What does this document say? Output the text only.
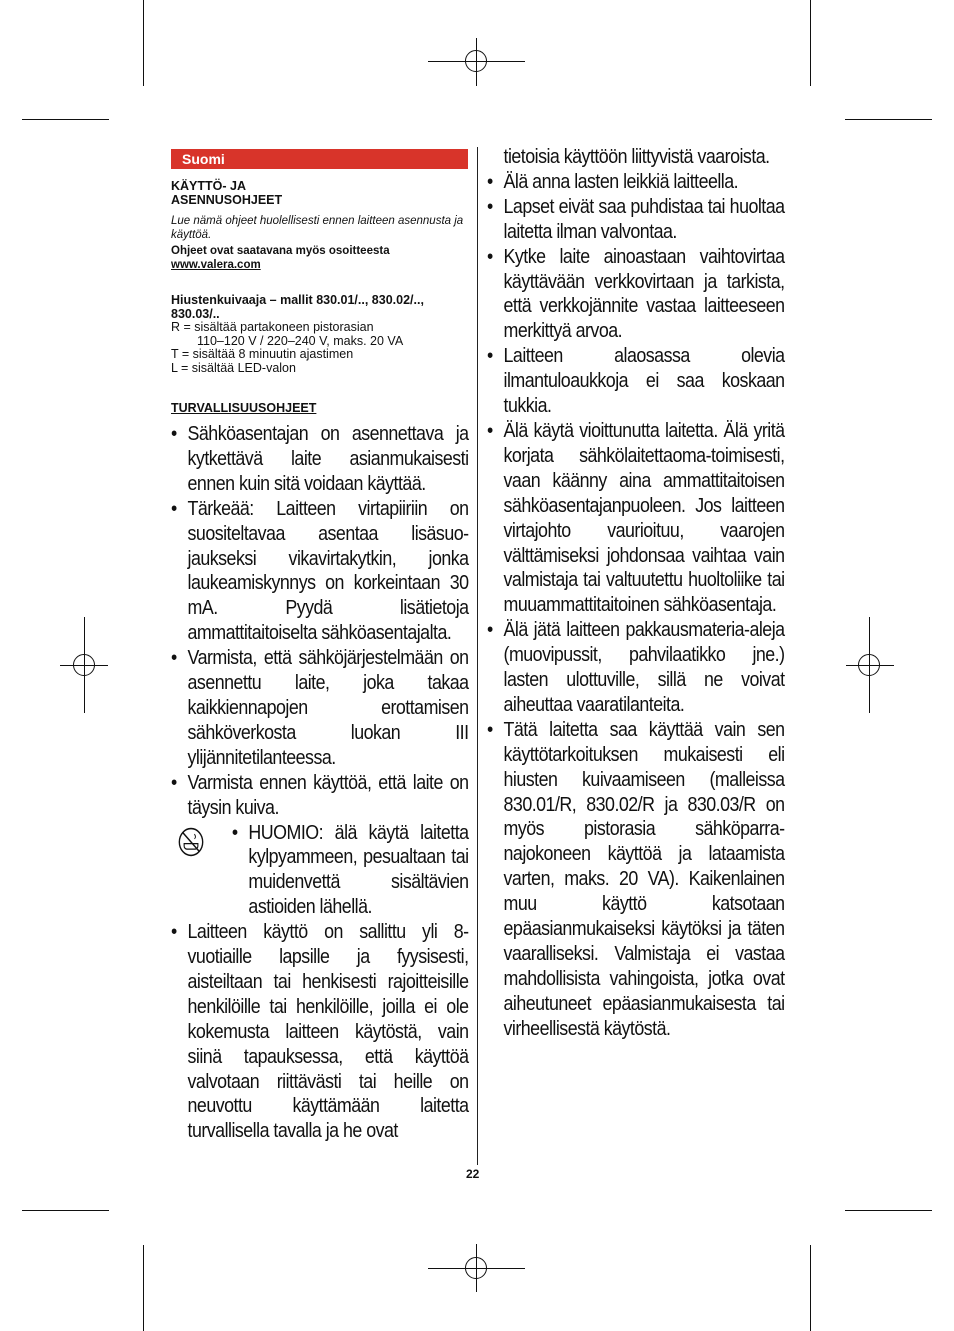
Suomi

KÄYTTÖ- JA

ASENNUSOHJEET

Lue nämä ohjeet huolellisesti ennen laitteen asennusta ja käyttöä.

Ohjeet ovat saatavana myös osoitteesta

www.valera.com

Hiustenkuivaaja – mallit 830.01/.., 830.02/.., 830.03/..

R = sisältää partakoneen pistorasian

110–120 V / 220–240 V, maks. 20 VA

T = sisältää 8 minuutin ajastimen

L = sisältää LED-valon

TURVALLISUUSOHJEET

• Sähköasentajan on asennettava ja kytkettävä laite asianmukaisesti ennen kuin sitä voidaan käyttää.
• Tärkeää: Laitteen virtapiiriin on suositeltavaa asentaa lisäsuo-jaukseksi vikavirtakytkin, jonka laukeamiskynnys on korkeintaan 30 mA. Pyydä lisätietoja ammattitaitoiselta sähköasentajalta.
• Varmista, että sähköjärjestelmään on asennettu laite, joka takaa kaikkiennapojen erottamisen sähköverkosta luokan III ylijännitetilanteessa.
• Varmista ennen käyttöä, että laite on täysin kuiva.
• HUOMIO: älä käytä laitetta kylpyammeen, pesualtaan tai muidenvettä sisältävien astioiden lähellä.
• Laitteen käyttö on sallittu yli 8-vuotiaille lapsille ja fyysisesti, aisteiltaan tai henkisesti rajoitteisille henkilöille tai henkilöille, joilla ei ole kokemusta laitteen käytöstä, vain siinä tapauksessa, että käyttöä valvotaan riittävästi tai heille on neuvottu käyttämään laitetta turvallisella tavalla ja he ovat
tietoisia käyttöön liittyvistä vaaroista.
• Älä anna lasten leikkiä laitteella.
• Lapset eivät saa puhdistaa tai huoltaa laitetta ilman valvontaa.
• Kytke laite ainoastaan vaihtovirtaa käyttävään verkkovirtaan ja tarkista, että verkkojännite vastaa laitteeseen merkittyä arvoa.
• Laitteen alaosassa olevia ilmantuloaukkoja ei saa koskaan tukkia.
• Älä käytä vioittunutta laitetta. Älä yritä korjata sähkölaitettaoma-toimisesti, vaan käänny aina ammattitaitoisen sähköasentajanpuoleen. Jos laitteen virtajohto vaurioituu, vaarojen välttämiseksi johdonsaa vaihtaa vain valmistaja tai valtuutettu huoltoliike tai muuammattitaitoinen sähköasentaja.
• Älä jätä laitteen pakkausmateria-aleja (muovipussit, pahvilaatikko jne.) lasten ulottuville, sillä ne voivat aiheuttaa vaaratilanteita.
• Tätä laitetta saa käyttää vain sen käyttötarkoituksen mukaisesti eli hiusten kuivaamiseen (malleissa 830.01/R, 830.02/R ja 830.03/R on myös pistorasia sähköparra-najokoneen käyttöä ja lataamista varten, maks. 20 VA). Kaikenlainen muu käyttö katsotaan epäasianmukaiseksi käytöksi ja täten vaaralliseksi. Valmistaja ei vastaa mahdollisista vahingoista, jotka ovat aiheutuneet epäasianmukaisesta tai virheellisestä käytöstä.
22
